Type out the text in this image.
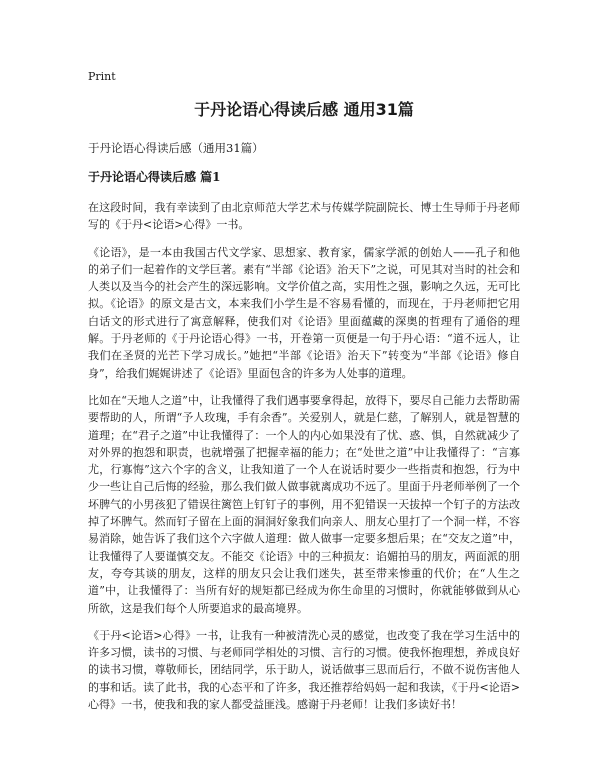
Print
于丹论语心得读后感 通用31篇
于丹论语心得读后感（通用31篇）
于丹论语心得读后感 篇1

在这段时间，我有幸读到了由北京师范大学艺术与传媒学院副院长、博士生导师于丹老师写的《于丹<论语>心得》一书。

《论语》，是一本由我国古代文学家、思想家、教育家，儒家学派的创始人——孔子和他的弟子们一起着作的文学巨著。素有“半部《论语》治天下”之说，可见其对当时的社会和人类以及当今的社会产生的深远影响。文学价值之高，实用性之强，影响之久远，无可比拟。《论语》的原文是古文，本来我们小学生是不容易看懂的，而现在，于丹老师把它用白话文的形式进行了寓意解释，使我们对《论语》里面蕴藏的深奥的哲理有了通俗的理解。于丹老师的《于丹论语心得》一书，开卷第一页便是一句于丹心语：“道不远人，让我们在圣贤的光芒下学习成长。”她把“半部《论语》治天下”转变为“半部《论语》修自身”，给我们娓娓讲述了《论语》里面包含的许多为人处事的道理。

比如在“天地人之道”中，让我懂得了我们遇事要拿得起，放得下，要尽自己能力去帮助需要帮助的人，所谓“予人玫瑰，手有余香”。关爱别人，就是仁慈，了解别人，就是智慧的道理；在“君子之道”中让我懂得了：一个人的内心如果没有了忧、惑、惧，自然就减少了对外界的抱怨和职责，也就增强了把握幸福的能力；在“处世之道”中让我懂得了：“言寡尤，行寡悔”这六个字的含义，让我知道了一个人在说话时要少一些指责和抱怨，行为中少一些让自己后悔的经验，那么我们做人做事就离成功不远了。里面于丹老师举例了一个坏脾气的小男孩犯了错误往篱笆上钉钉子的事例，用不犯错误一天拔掉一个钉子的方法改掉了坏脾气。然而钉子留在上面的洞洞好象我们向亲人、朋友心里打了一个洞一样，不容易消除，她告诉了我们这个六字做人道理：做人做事一定要多想后果；在“交友之道”中，让我懂得了人要谨慎交友。不能交《论语》中的三种损友：谄媚拍马的朋友，两面派的朋友，夸夸其谈的朋友，这样的朋友只会让我们迷失，甚至带来惨重的代价；在“人生之道”中，让我懂得了：当所有好的规矩都已经成为你生命里的习惯时，你就能够做到从心所欲，这是我们每个人所要追求的最高境界。

《于丹<论语>心得》一书，让我有一种被清洗心灵的感觉，也改变了我在学习生活中的许多习惯，读书的习惯、与老师同学相处的习惯、言行的习惯。使我怀抱理想，养成良好的读书习惯，尊敬师长，团结同学，乐于助人，说话做事三思而后行，不做不说伤害他人的事和话。读了此书，我的心态平和了许多，我还推荐给妈妈一起和我读，《于丹<论语>心得》一书，使我和我的家人都受益匪浅。感谢于丹老师！让我们多读好书！
